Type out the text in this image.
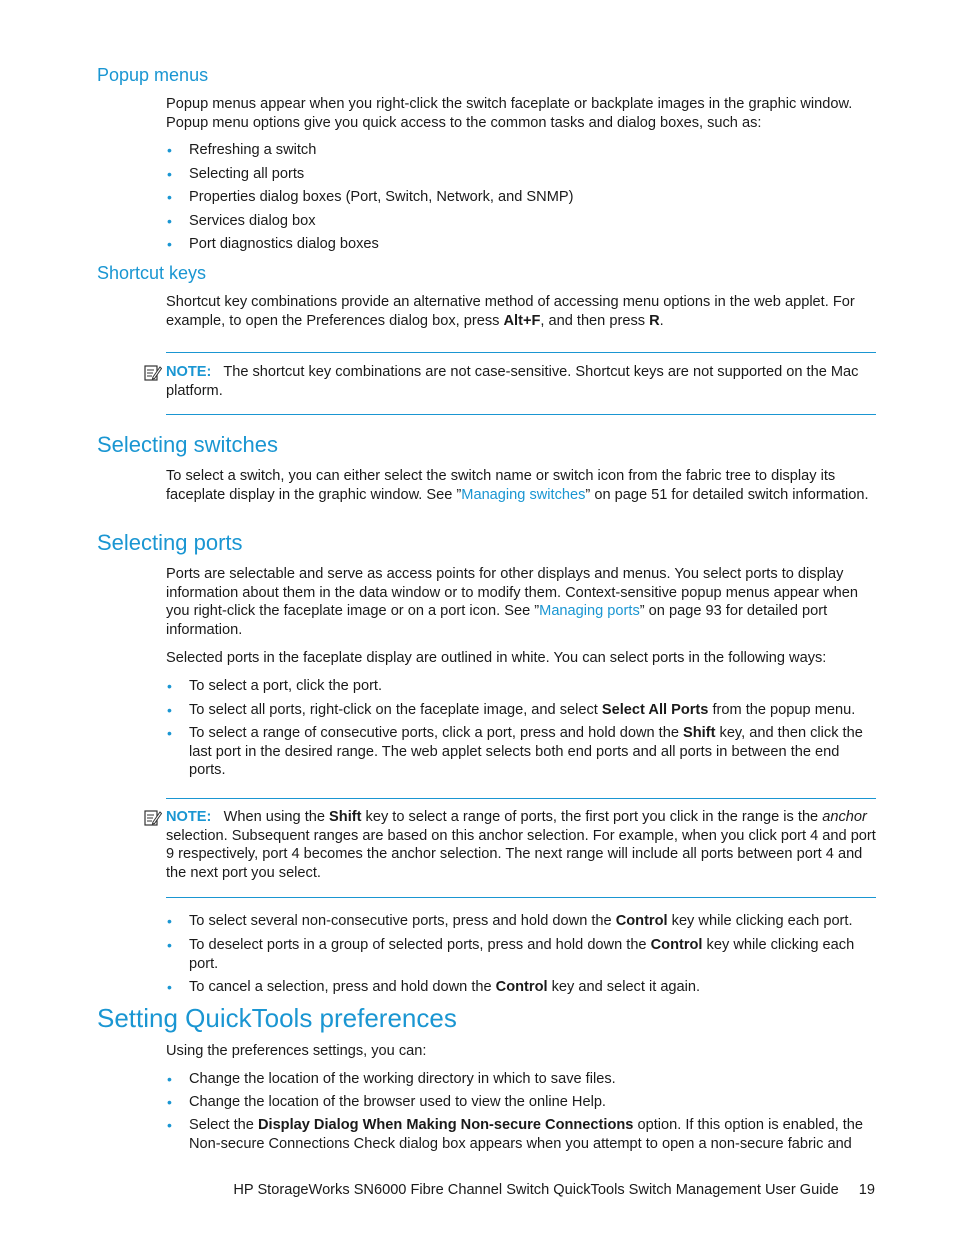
Popup menus
Popup menus appear when you right-click the switch faceplate or backplate images in the graphic window. Popup menu options give you quick access to the common tasks and dialog boxes, such as:
• Refreshing a switch
• Selecting all ports
• Properties dialog boxes (Port, Switch, Network, and SNMP)
• Services dialog box
• Port diagnostics dialog boxes
Shortcut keys
Shortcut key combinations provide an alternative method of accessing menu options in the web applet. For example, to open the Preferences dialog box, press Alt+F, and then press R.
NOTE: The shortcut key combinations are not case-sensitive. Shortcut keys are not supported on the Mac platform.
Selecting switches
To select a switch, you can either select the switch name or switch icon from the fabric tree to display its faceplate display in the graphic window. See ”Managing switches” on page 51 for detailed switch information.
Selecting ports
Ports are selectable and serve as access points for other displays and menus. You select ports to display information about them in the data window or to modify them. Context-sensitive popup menus appear when you right-click the faceplate image or on a port icon. See ”Managing ports” on page 93 for detailed port information.
Selected ports in the faceplate display are outlined in white. You can select ports in the following ways:
• To select a port, click the port.
• To select all ports, right-click on the faceplate image, and select Select All Ports from the popup menu.
• To select a range of consecutive ports, click a port, press and hold down the Shift key, and then click the last port in the desired range. The web applet selects both end ports and all ports in between the end ports.
NOTE: When using the Shift key to select a range of ports, the first port you click in the range is the anchor selection. Subsequent ranges are based on this anchor selection. For example, when you click port 4 and port 9 respectively, port 4 becomes the anchor selection. The next range will include all ports between port 4 and the next port you select.
• To select several non-consecutive ports, press and hold down the Control key while clicking each port.
• To deselect ports in a group of selected ports, press and hold down the Control key while clicking each port.
• To cancel a selection, press and hold down the Control key and select it again.
Setting QuickTools preferences
Using the preferences settings, you can:
• Change the location of the working directory in which to save files.
• Change the location of the browser used to view the online Help.
• Select the Display Dialog When Making Non-secure Connections option. If this option is enabled, the Non-secure Connections Check dialog box appears when you attempt to open a non-secure fabric and
HP StorageWorks SN6000 Fibre Channel Switch QuickTools Switch Management User Guide 19
